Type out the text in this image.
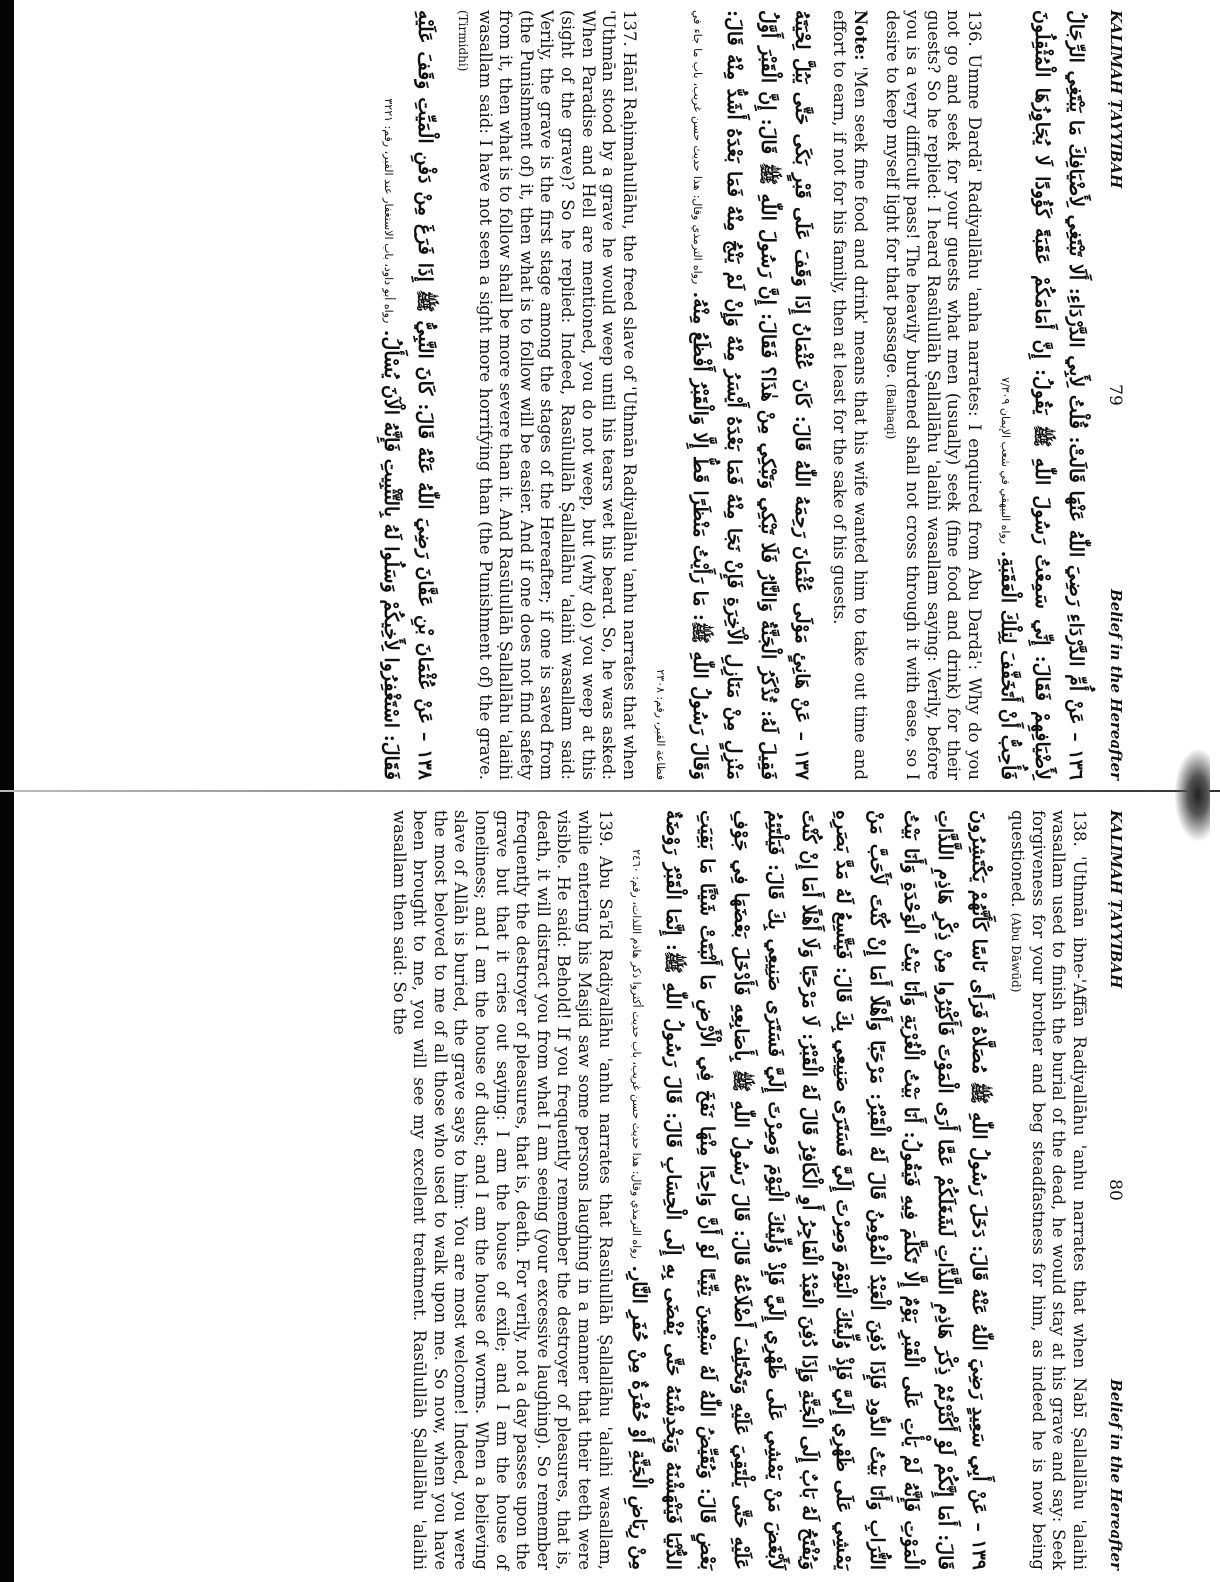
KALIMAH ṬAYYIBAH
79
Belief in the Hereafter

١٣٦ – عَنْ أُمِّ الدَّرْدَاءِ رَضِيَ اللّٰهُ عَنْهَا قَالَتْ: قُلْتُ لِأَبِي الدَّرْدَاءِ: أَلَا تَبْتَغِي لِأَضْيَافِكَ مَا يَبْتَغِي الرِّجَالُ لِأَضْيَافِهِمْ فَقَالَ: إِنِّي سَمِعْتُ رَسُولَ اللّٰهِ ﷺ يَقُولُ: إِنَّ أَمَامَكُمْ عَقَبَةً كَؤُودًا لَا يُجَاوِزُهَا الْمُثْقِلُونَ فَأُحِبُّ أَنْ أَتَخَفَّفَ لِتِلْكَ الْعَقَبَةِ. رواه البيهقي في شعب الإيمان ٧/٣٠٩

136. Umme Dardā' Radiyallāhu 'anha narrates: I enquired from Abu Dardā': Why do you not go and seek for your guests what men (usually) seek (fine food and drink) for their guests? So he replied: I heard Rasūlullāh Ṣallallāhu 'alaihi wasallam saying: Verily, before you is a very difficult pass! The heavily burdened shall not cross through it with ease, so I desire to keep myself light for that passage. (Baihaqi)

Note: 'Men seek fine food and drink' means that his wife wanted him to take out time and effort to earn, if not for his family, then at least for the sake of his guests.

١٣٧ – عَنْ هَانِئٍ مَوْلَى عُثْمَانَ رَحِمَهُ اللّٰهُ قَالَ: كَانَ عُثْمَانُ إِذَا وَقَفَ عَلَى قَبْرٍ بَكَى حَتَّى يَبُلَّ لِحْيَتَهُ فَقِيلَ لَهُ: تُذْكَرُ الْجَنَّةُ وَالنَّارُ فَلَا تَبْكِي وَتَبْكِي مِنْ هٰذَا؟ فَقَالَ: إِنَّ رَسُولَ اللّٰهِ ﷺ قَالَ: إِنَّ الْقَبْرَ أَوَّلُ مَنْزِلٍ مِنْ مَنَازِلِ الْآخِرَةِ فَإِنْ نَجَا مِنْهُ فَمَا بَعْدَهُ أَيْسَرُ مِنْهُ وَإِنْ لَمْ يَنْجُ مِنْهُ فَمَا بَعْدَهُ أَشَدُّ مِنْهُ قَالَ: وَقَالَ رَسُولُ اللّٰهِ ﷺ: مَا رَأَيْتُ مَنْظَرًا قَطُّ إِلَّا وَالْقَبْرُ أَفْظَعُ مِنْهُ. رواه الترمذي وقال: هذا حديث حسن غريب، باب ما جاء في فظاعة القبر، رقم: ٢٣٠٨

137. Hānī Raḥimahullāhu, the freed slave of 'Uthmān Radiyallāhu 'anhu narrates that when 'Uthmān stood by a grave he would weep until his tears wet his beard. So, he was asked: When Paradise and Hell are mentioned, you do not weep, but (why do) you weep at this (sight of the grave)? So he replied: Indeed, Rasūlullāh Ṣallallāhu 'alaihi wasallam said: Verily, the grave is the first stage among the stages of the Hereafter; if one is saved from (the Punishment of) it, then what is to follow will be easier. And if one does not find safety from it, then what is to follow shall be more severe than it. And Rasūlullāh Ṣallallāhu 'alaihi wasallam said: I have not seen a sight more horrifying than (the Punishment of) the grave. (Tirmidhi)

١٣٨ – عَنْ عُثْمَانَ بْنِ عَفَّانَ رَضِيَ اللّٰهُ عَنْهُ قَالَ: كَانَ النَّبِيُّ ﷺ إِذَا فَرَغَ مِنْ دَفْنِ الْمَيِّتِ وَقَفَ عَلَيْهِ فَقَالَ: اسْتَغْفِرُوا لِأَخِيكُمْ وَسَلُوا لَهُ بِالتَّثْبِيتِ فَإِنَّهُ الْآنَ يُسْأَلُ. رواه أبو داود، باب الاستغفار عند القبر، رقم: ٣٢٢١

KALIMAH ṬAYYIBAH
80
Belief in the Hereafter

138. 'Uthmān ibne-'Affān Radiyallāhu 'anhu narrates that when Nabī Ṣallallāhu 'alaihi wasallam used to finish the burial of the dead, he would stay at his grave and say: Seek forgiveness for your brother and beg steadfastness for him, as indeed he is now being questioned. (Abu Dāwūd)

١٣٩ – عَنْ أَبِي سَعِيدٍ رَضِيَ اللّٰهُ عَنْهُ قَالَ: دَخَلَ رَسُولُ اللّٰهِ ﷺ مُصَلَّاهُ فَرَأَى نَاسًا كَأَنَّهُمْ يَكْتَشِرُونَ قَالَ: أَمَا إِنَّكُمْ لَوْ أَكْثَرْتُمْ ذِكْرَ هَاذِمِ اللَّذَّاتِ لَشَغَلَكُمْ عَمَّا أَرَى الْمَوْتَ فَأَكْثِرُوا مِنْ ذِكْرِ هَاذِمِ اللَّذَّاتِ الْمَوْتِ فَإِنَّهُ لَمْ يَأْتِ عَلَى الْقَبْرِ يَوْمٌ إِلَّا تَكَلَّمَ فِيهِ فَيَقُولُ: أَنَا بَيْتُ الْغُرْبَةِ وَأَنَا بَيْتُ الْوَحْدَةِ وَأَنَا بَيْتُ التُّرَابِ وَأَنَا بَيْتُ الدُّودِ فَإِذَا دُفِنَ الْعَبْدُ الْمُؤْمِنُ قَالَ لَهُ الْقَبْرُ: مَرْحَبًا وَأَهْلًا أَمَا إِنْ كُنْتَ لَأَحَبَّ مَنْ يَمْشِي عَلَى ظَهْرِي إِلَيَّ فَإِذْ وُلِّيتُكَ الْيَوْمَ وَصِرْتَ إِلَيَّ فَسَتَرَى صَنِيعِي بِكَ قَالَ: فَيَتَّسِعُ لَهُ مَدَّ بَصَرِهِ وَيُفْتَحُ لَهُ بَابٌ إِلَى الْجَنَّةِ وَإِذَا دُفِنَ الْعَبْدُ الْفَاجِرُ أَوِ الْكَافِرُ قَالَ لَهُ الْقَبْرُ: لَا مَرْحَبًا وَلَا أَهْلًا أَمَا إِنْ كُنْتَ لَأَبْغَضَ مَنْ يَمْشِي عَلَى ظَهْرِي إِلَيَّ فَإِذْ وُلِّيتُكَ الْيَوْمَ وَصِرْتَ إِلَيَّ فَسَتَرَى صَنِيعِي بِكَ قَالَ: فَيَلْتَئِمُ عَلَيْهِ حَتَّى يَلْتَقِيَ عَلَيْهِ وَتَخْتَلِفَ أَضْلَاعُهُ قَالَ: قَالَ رَسُولُ اللّٰهِ ﷺ بِأَصَابِعِهِ فَأَدْخَلَ بَعْضَهَا فِي جَوْفِ بَعْضٍ قَالَ: وَيُقَيِّضُ اللّٰهُ لَهُ سَبْعِينَ تِنِّينًا لَوْ أَنَّ وَاحِدًا مِنْهَا نَفَخَ فِي الْأَرْضِ مَا أَنْبَتَتْ شَيْئًا مَا بَقِيَتِ الدُّنْيَا فَيَنْهَشْنَهُ وَيَخْدِشْنَهُ حَتَّى يُفْضَى بِهِ إِلَى الْحِسَابِ قَالَ: قَالَ رَسُولُ اللّٰهِ ﷺ: إِنَّمَا الْقَبْرُ رَوْضَةٌ مِنْ رِيَاضِ الْجَنَّةِ أَوْ حُفْرَةٌ مِنْ حُفَرِ النَّارِ. رواه الترمذي وقال: هذا حديث حسن غريب، باب حديث أكثروا ذكر هاذم اللذات، رقم: ٢٤٦٠

139. Abu Sa'īd Radiyallāhu 'anhu narrates that Rasūlullāh Ṣallallāhu 'alaihi wasallam, while entering his Masjid saw some persons laughing in a manner that their teeth were visible. He said: Behold! If you frequently remember the destroyer of pleasures, that is, death, it will distract you from what I am seeing (your excessive laughing). So remember frequently the destroyer of pleasures, that is, death. For verily, not a day passes upon the grave but that it cries out saying: I am the house of exile; and I am the house of loneliness; and I am the house of dust; and I am the house of worms. When a believing slave of Allāh is buried, the grave says to him: You are most welcome! Indeed, you were the most beloved to me of all those who used to walk upon me. So now, when you have been brought to me, you will see my excellent treatment. Rasūlullāh Ṣallallāhu 'alaihi wasallam then said: So the
